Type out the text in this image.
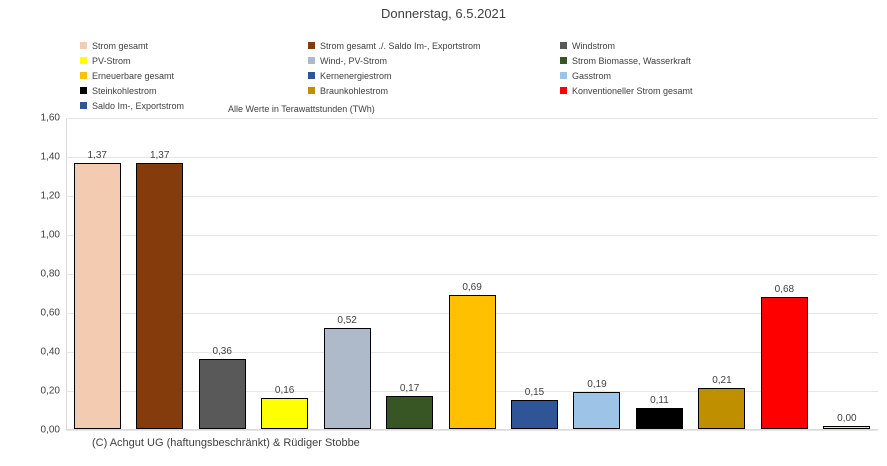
Donnerstag, 6.5.2021
Strom gesamt	Strom gesamt ./. Saldo Im-, Exportstrom	Windstrom
PV-Strom	Wind-, PV-Strom	Strom Biomasse, Wasserkraft
Erneuerbare gesamt	Kernenergiestrom	Gasstrom
Steinkohlestrom	Braunkohlestrom	Konventioneller Strom gesamt
Saldo Im-, Exportstrom	Alle Werte in Terawattstunden (TWh)
1,60
1,40
1,20
1,00
0,80
0,60
0,40
0,20
0,00
1,37	1,37
0,36
0,16
0,52
0,17
0,69
0,15
0,19
0,11
0,21
0,68
0,00
(C) Achgut UG (haftungsbeschränkt) & Rüdiger Stobbe
